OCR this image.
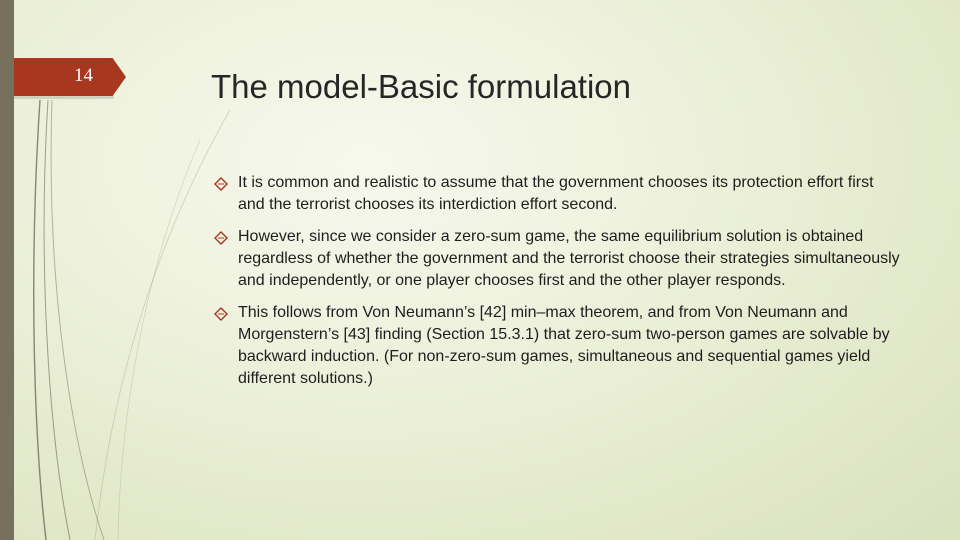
14	The model-Basic formulation
It is common and realistic to assume that the government chooses its protection effort first and the terrorist chooses its interdiction effort second.
However, since we consider a zero-sum game, the same equilibrium solution is obtained regardless of whether the government and the terrorist choose their strategies simultaneously and independently, or one player chooses first and the other player responds.
This follows from Von Neumann’s [42] min–max theorem, and from Von Neumann and Morgenstern’s [43] finding (Section 15.3.1) that zero-sum two-person games are solvable by backward induction. (For non-zero-sum games, simultaneous and sequential games yield different solutions.)
